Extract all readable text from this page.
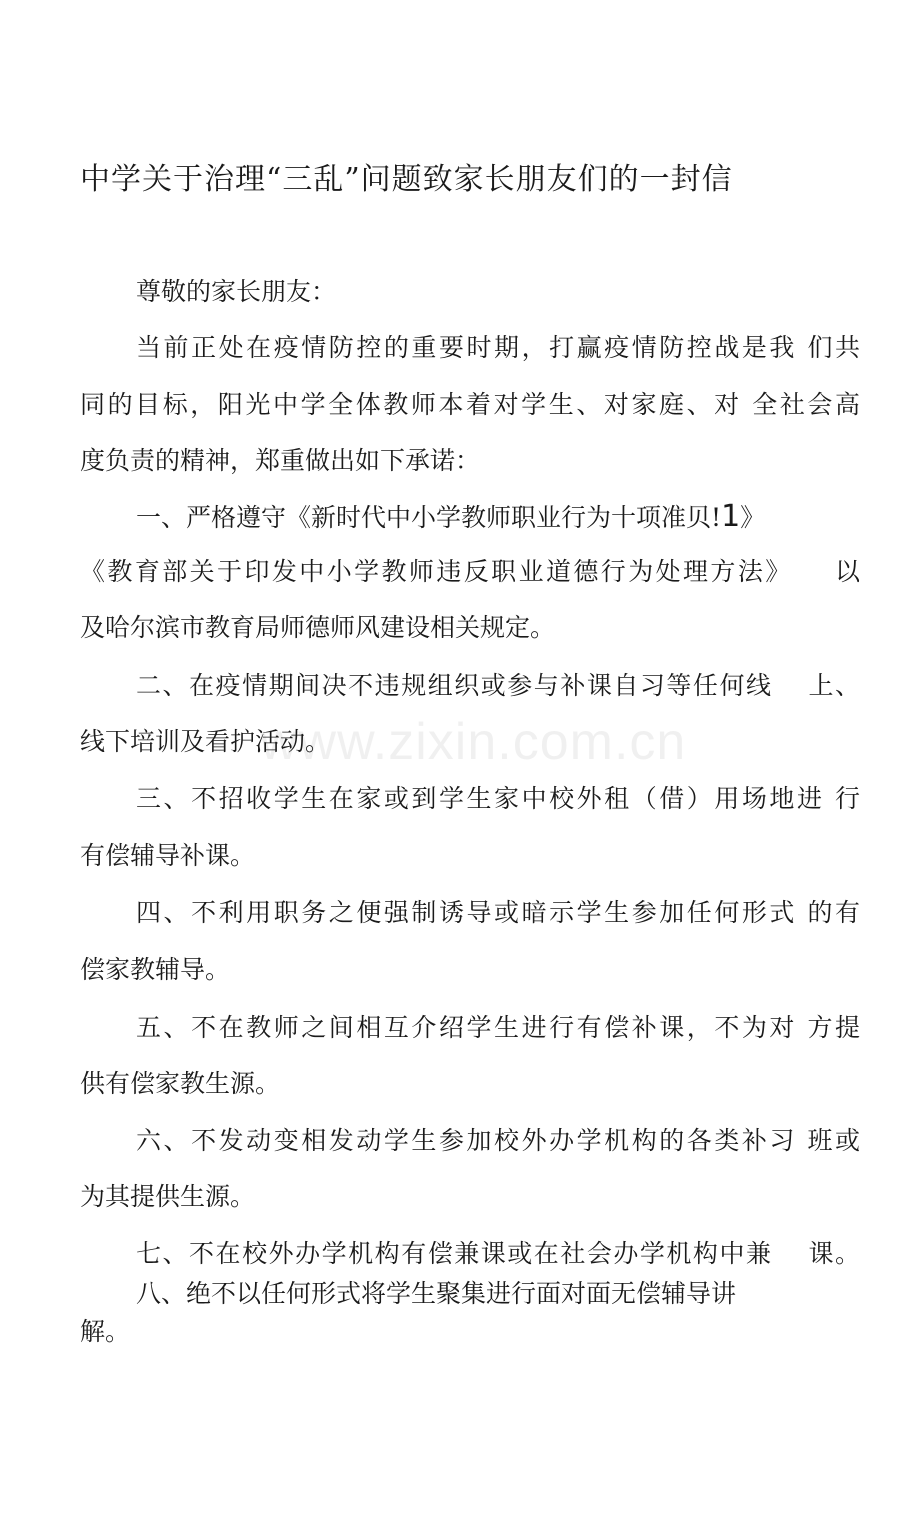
中学关于治理“三乱”问题致家长朋友们的一封信
尊敬的家长朋友：
当前正处在疫情防控的重要时期，打赢疫情防控战是我 们共
同的目标，阳光中学全体教师本着对学生、对家庭、对 全社会高
度负责的精神，郑重做出如下承诺：
一、严格遵守《新时代中小学教师职业行为十项准贝!1》
《教育部关于印发中小学教师违反职业道德行为处理方法》　　以
及哈尔滨市教育局师德师风建设相关规定。
二、在疫情期间决不违规组织或参与补课自习等任何线　 上、
线下培训及看护活动。
三、不招收学生在家或到学生家中校外租（借）用场地进 行
有偿辅导补课。
四、不利用职务之便强制诱导或暗示学生参加任何形式 的有
偿家教辅导。
五、不在教师之间相互介绍学生进行有偿补课，不为对 方提
供有偿家教生源。
六、不发动变相发动学生参加校外办学机构的各类补习 班或
为其提供生源。
七、不在校外办学机构有偿兼课或在社会办学机构中兼　 课。
八、绝不以任何形式将学生聚集进行面对面无偿辅导讲
解。
www.zixin.com.cn
